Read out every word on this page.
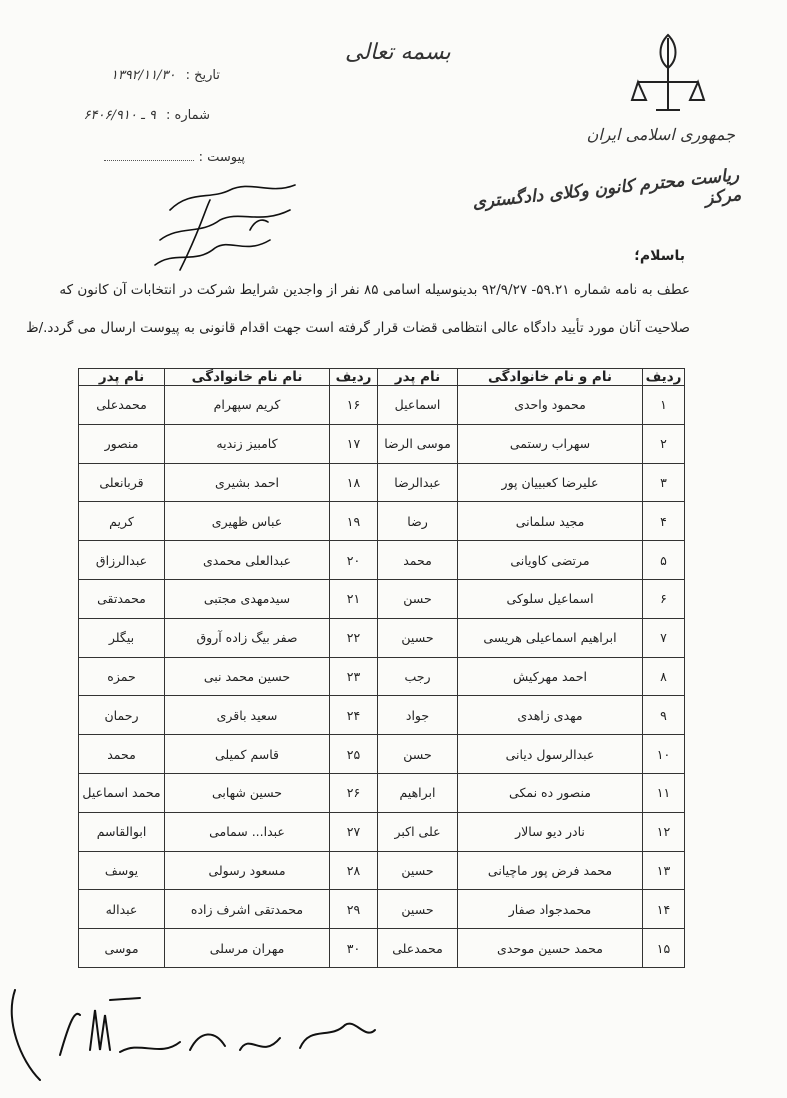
بسمه تعالی
جمهوری اسلامی ایران
ریاست محترم کانون وکلای دادگستری مرکز
تاریخ : ۱۳۹۲/۱۱/۳۰
شماره : ۹ ـ ۶۴۰۶/۹۱۰
پیوست :
باسلام؛
عطف به نامه شماره ۵۹.۲۱- ۹۲/۹/۲۷ بدینوسیله اسامی ۸۵ نفر از واجدین شرایط شرکت در انتخابات آن کانون که
صلاحیت آنان مورد تأیید دادگاه عالی انتظامی قضات قرار گرفته است جهت اقدام قانونی به پیوست ارسال می گردد./ظ
ردیف	نام و نام خانوادگی	نام پدر	ردیف	نام نام خانوادگی	نام پدر
۱	محمود واحدی	اسماعیل	۱۶	کریم سپهرام	محمدعلی
۲	سهراب رستمی	موسی الرضا	۱۷	کامبیز زندیه	منصور
۳	علیرضا کعبییان پور	عبدالرضا	۱۸	احمد بشیری	قربانعلی
۴	مجید سلمانی	رضا	۱۹	عباس ظهیری	کریم
۵	مرتضی کاویانی	محمد	۲۰	عبدالعلی محمدی	عبدالرزاق
۶	اسماعیل سلوکی	حسن	۲۱	سیدمهدی مجتبی	محمدتقی
۷	ابراهیم اسماعیلی هریسی	حسین	۲۲	صفر بیگ زاده آروق	بیگلر
۸	احمد مهرکیش	رجب	۲۳	حسین محمد نبی	حمزه
۹	مهدی زاهدی	جواد	۲۴	سعید باقری	رحمان
۱۰	عبدالرسول دیانی	حسن	۲۵	قاسم کمیلی	محمد
۱۱	منصور ده نمکی	ابراهیم	۲۶	حسین شهابی	محمد اسماعیل
۱۲	نادر دیو سالار	علی اکبر	۲۷	عبدا... سمامی	ابوالقاسم
۱۳	محمد فرض پور ماچیانی	حسین	۲۸	مسعود رسولی	یوسف
۱۴	محمدجواد صفار	حسین	۲۹	محمدتقی اشرف زاده	عبداله
۱۵	محمد حسین موحدی	محمدعلی	۳۰	مهران مرسلی	موسی
